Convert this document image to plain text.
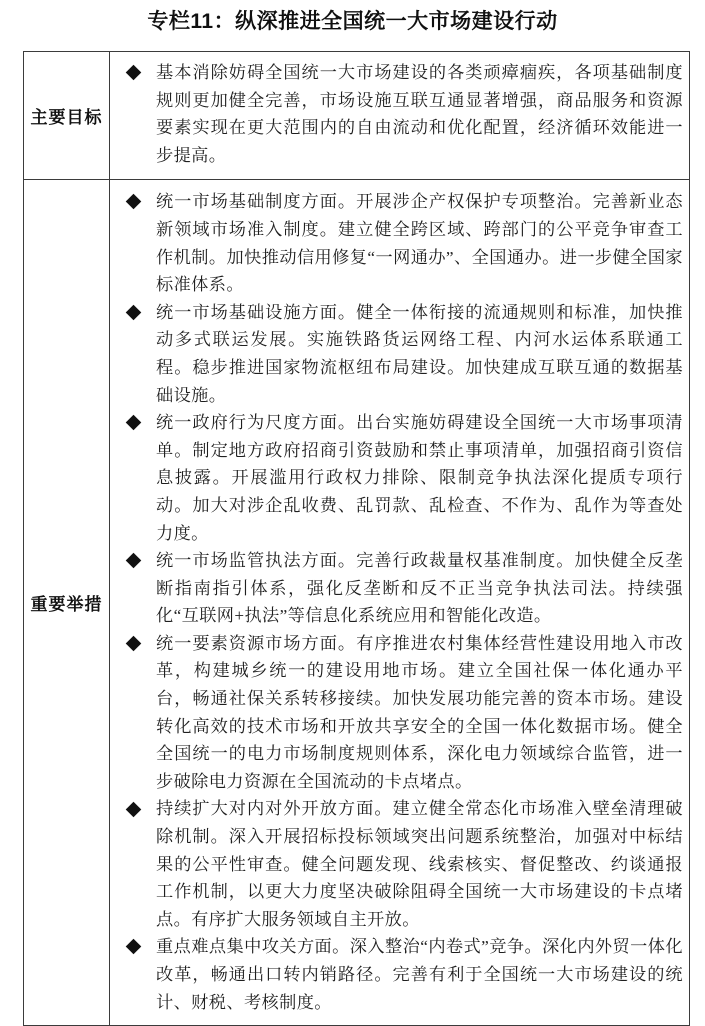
专栏11：纵深推进全国统一大市场建设行动
主要目标	
基本消除妨碍全国统一大市场建设的各类顽瘴痼疾，各项基础制度规则更加健全完善，市场设施互联互通显著增强，商品服务和资源要素实现在更大范围内的自由流动和优化配置，经济循环效能进一步提高。

重要举措	
统一市场基础制度方面。开展涉企产权保护专项整治。完善新业态新领域市场准入制度。建立健全跨区域、跨部门的公平竞争审查工作机制。加快推动信用修复“一网通办”、全国通办。进一步健全国家标准体系。
统一市场基础设施方面。健全一体衔接的流通规则和标准，加快推动多式联运发展。实施铁路货运网络工程、内河水运体系联通工程。稳步推进国家物流枢纽布局建设。加快建成互联互通的数据基础设施。
统一政府行为尺度方面。出台实施妨碍建设全国统一大市场事项清单。制定地方政府招商引资鼓励和禁止事项清单，加强招商引资信息披露。开展滥用行政权力排除、限制竞争执法深化提质专项行动。加大对涉企乱收费、乱罚款、乱检查、不作为、乱作为等查处力度。
统一市场监管执法方面。完善行政裁量权基准制度。加快健全反垄断指南指引体系，强化反垄断和反不正当竞争执法司法。持续强化“互联网+执法”等信息化系统应用和智能化改造。
统一要素资源市场方面。有序推进农村集体经营性建设用地入市改革，构建城乡统一的建设用地市场。建立全国社保一体化通办平台，畅通社保关系转移接续。加快发展功能完善的资本市场。建设转化高效的技术市场和开放共享安全的全国一体化数据市场。健全全国统一的电力市场制度规则体系，深化电力领域综合监管，进一步破除电力资源在全国流动的卡点堵点。
持续扩大对内对外开放方面。建立健全常态化市场准入壁垒清理破除机制。深入开展招标投标领域突出问题系统整治，加强对中标结果的公平性审查。健全问题发现、线索核实、督促整改、约谈通报工作机制，以更大力度坚决破除阻碍全国统一大市场建设的卡点堵点。有序扩大服务领域自主开放。
重点难点集中攻关方面。深入整治“内卷式”竞争。深化内外贸一体化改革，畅通出口转内销路径。完善有利于全国统一大市场建设的统计、财税、考核制度。
